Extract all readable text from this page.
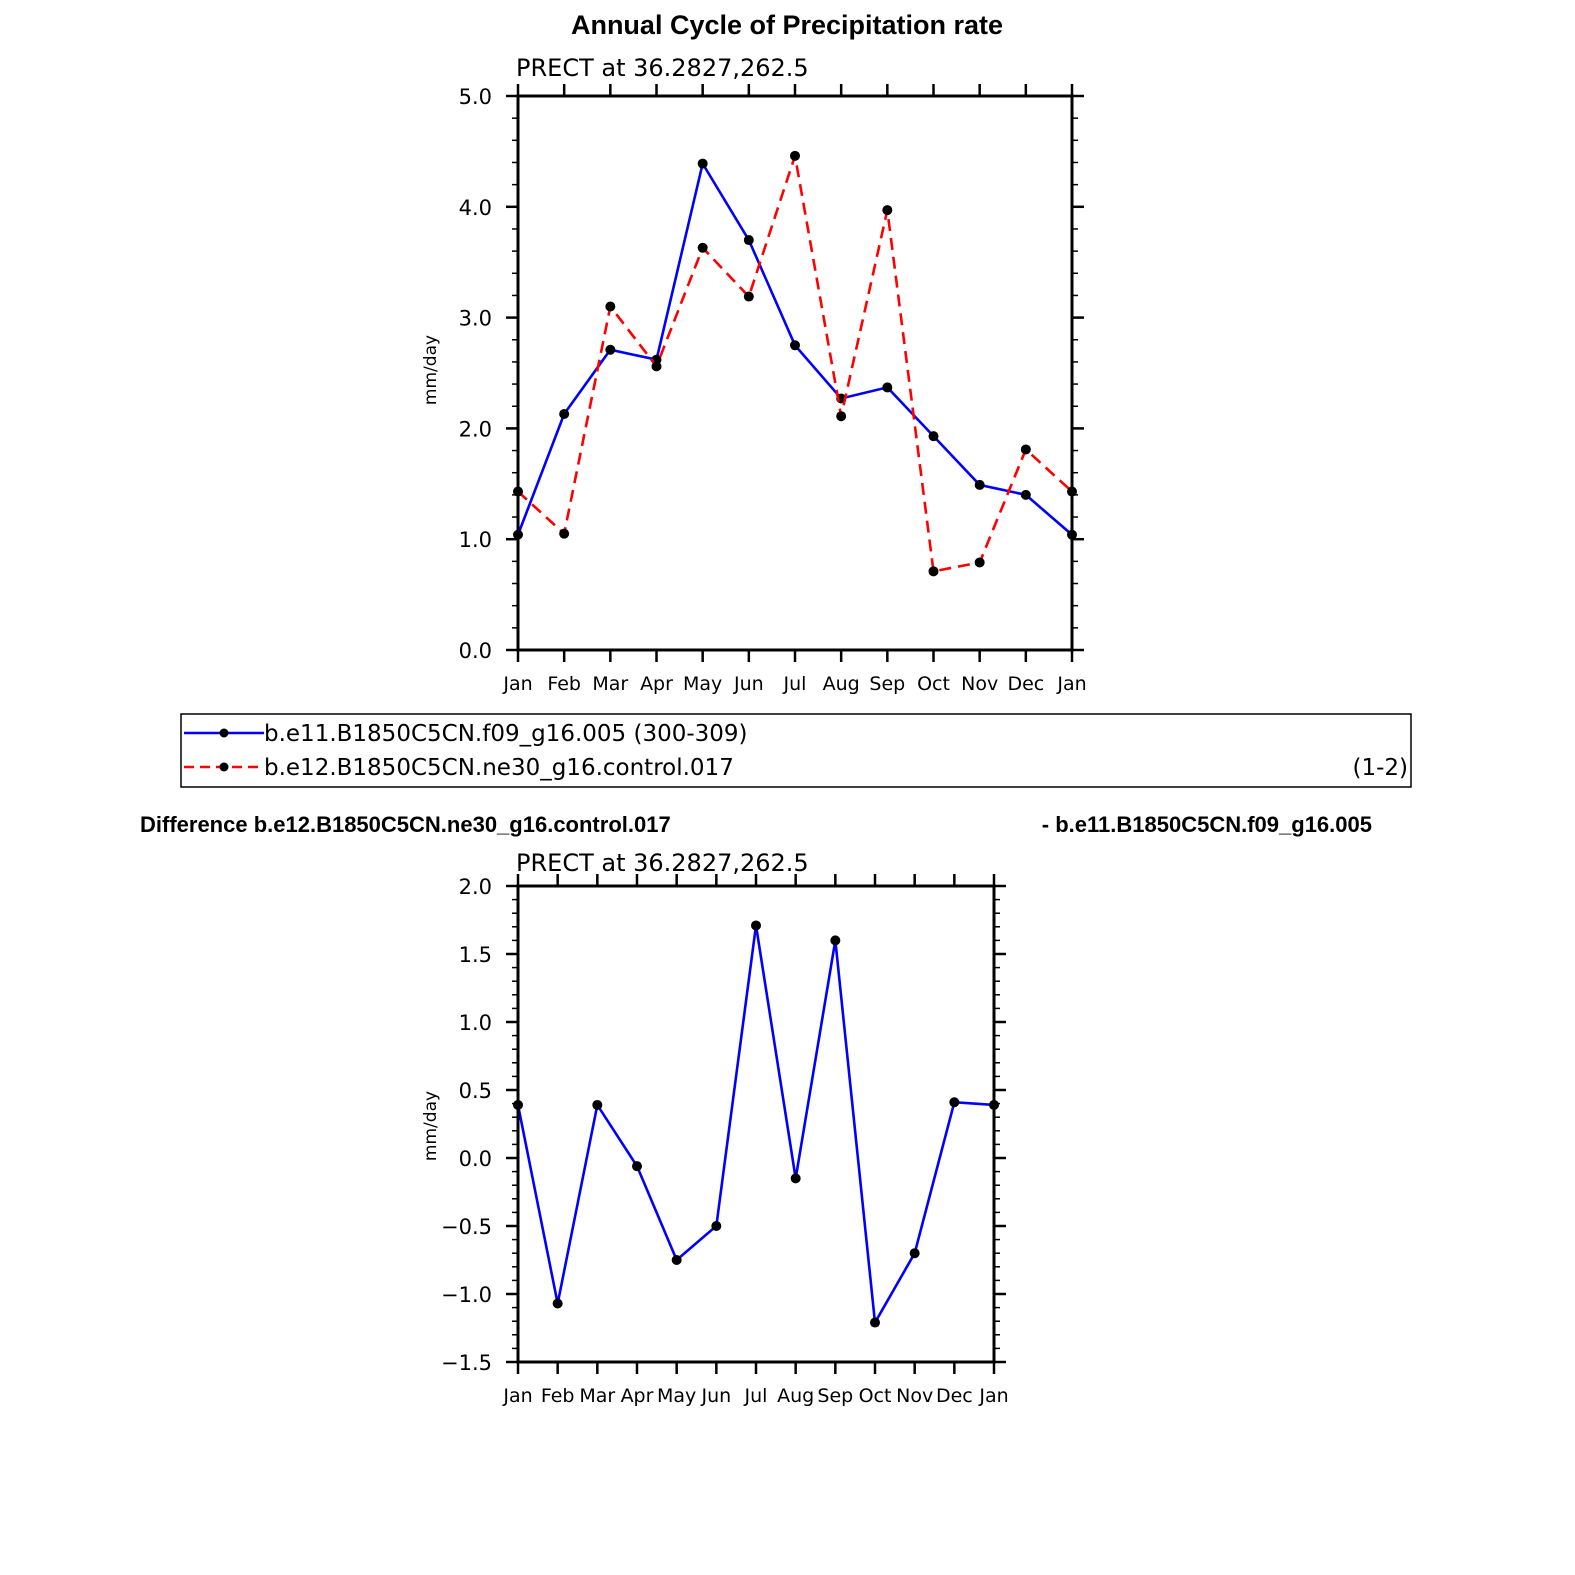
Annual Cycle of Precipitation rate
PRECT at 36.2827,262.5
mm/day
0.0
1.0
2.0
3.0
4.0
5.0
Jan Feb Mar Apr May Jun Jul Aug Sep Oct Nov Dec Jan
b.e11.B1850C5CN.f09_g16.005 (300-309)
b.e12.B1850C5CN.ne30_g16.control.017	(1-2)
Difference b.e12.B1850C5CN.ne30_g16.control.017	- b.e11.B1850C5CN.f09_g16.005
PRECT at 36.2827,262.5
mm/day
−1.5
−1.0
−0.5
0.0
0.5
1.0
1.5
2.0
Jan Feb Mar Apr May Jun Jul Aug Sep Oct Nov Dec Jan
